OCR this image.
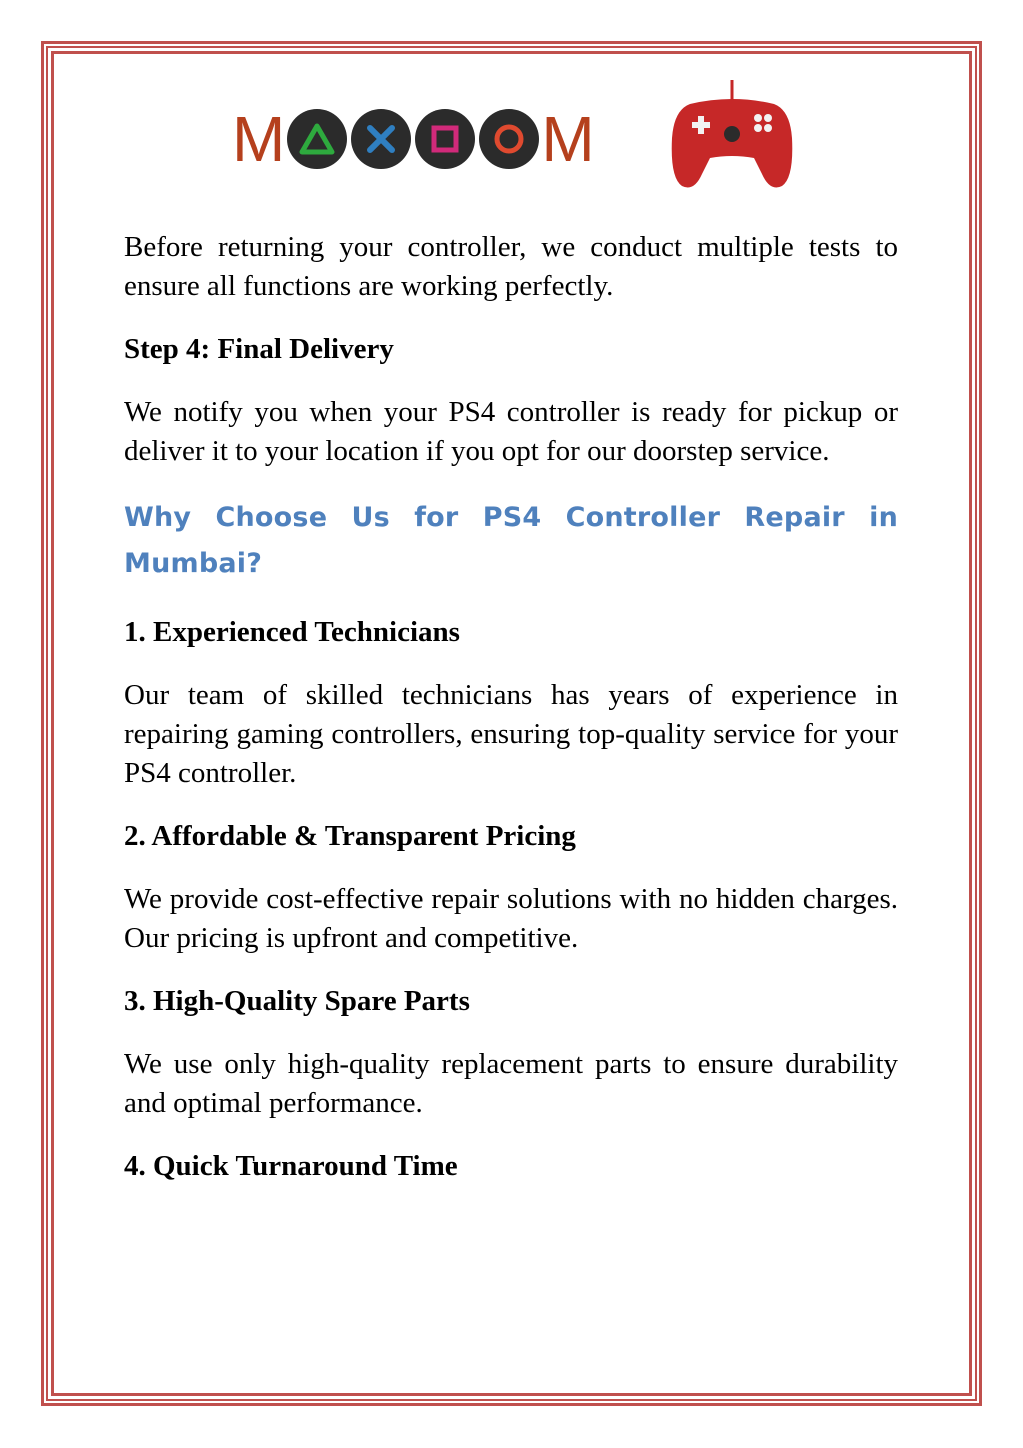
M	M

Before returning your controller, we conduct multiple tests to ensure all functions are working perfectly.

Step 4: Final Delivery

We notify you when your PS4 controller is ready for pickup or deliver it to your location if you opt for our doorstep service.

Why Choose Us for PS4 Controller Repair in Mumbai?

1. Experienced Technicians

Our team of skilled technicians has years of experience in repairing gaming controllers, ensuring top-quality service for your PS4 controller.

2. Affordable & Transparent Pricing

We provide cost-effective repair solutions with no hidden charges. Our pricing is upfront and competitive.

3. High-Quality Spare Parts

We use only high-quality replacement parts to ensure durability and optimal performance.

4. Quick Turnaround Time
